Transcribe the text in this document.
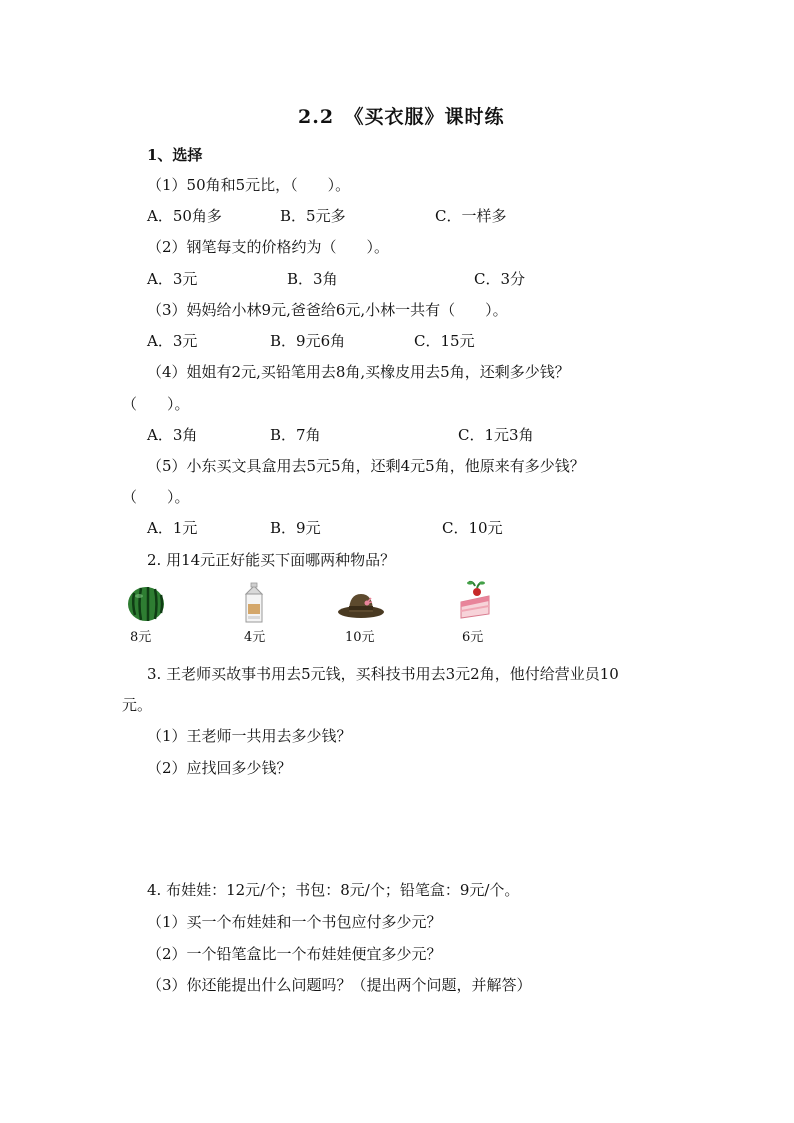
2.2　《买衣服》课时练
1、选择
（1）50角和5元比，（　　）。
A．50角多	B．5元多	C．一样多
（2）钢笔每支的价格约为（　　）。
A．3元	B．3角	C．3分
（3）妈妈给小林9元,爸爸给6元,小林一共有（　　）。
A．3元	B．9元6角	C．15元
（4）姐姐有2元,买铅笔用去8角,买橡皮用去5角，还剩多少钱？
（　　）。
A．3角	B．7角	C．1元3角
（5）小东买文具盒用去5元5角，还剩4元5角，他原来有多少钱？
（　　）。
A．1元	B．9元	C．10元
2. 用14元正好能买下面哪两种物品？
8元	4元	10元	6元
3. 王老师买故事书用去5元钱，买科技书用去3元2角，他付给营业员10
元。
（1）王老师一共用去多少钱？
（2）应找回多少钱？
4. 布娃娃：12元/个；书包：8元/个；铅笔盒：9元/个。
（1）买一个布娃娃和一个书包应付多少元？
（2）一个铅笔盒比一个布娃娃便宜多少元？
（3）你还能提出什么问题吗？（提出两个问题，并解答）
